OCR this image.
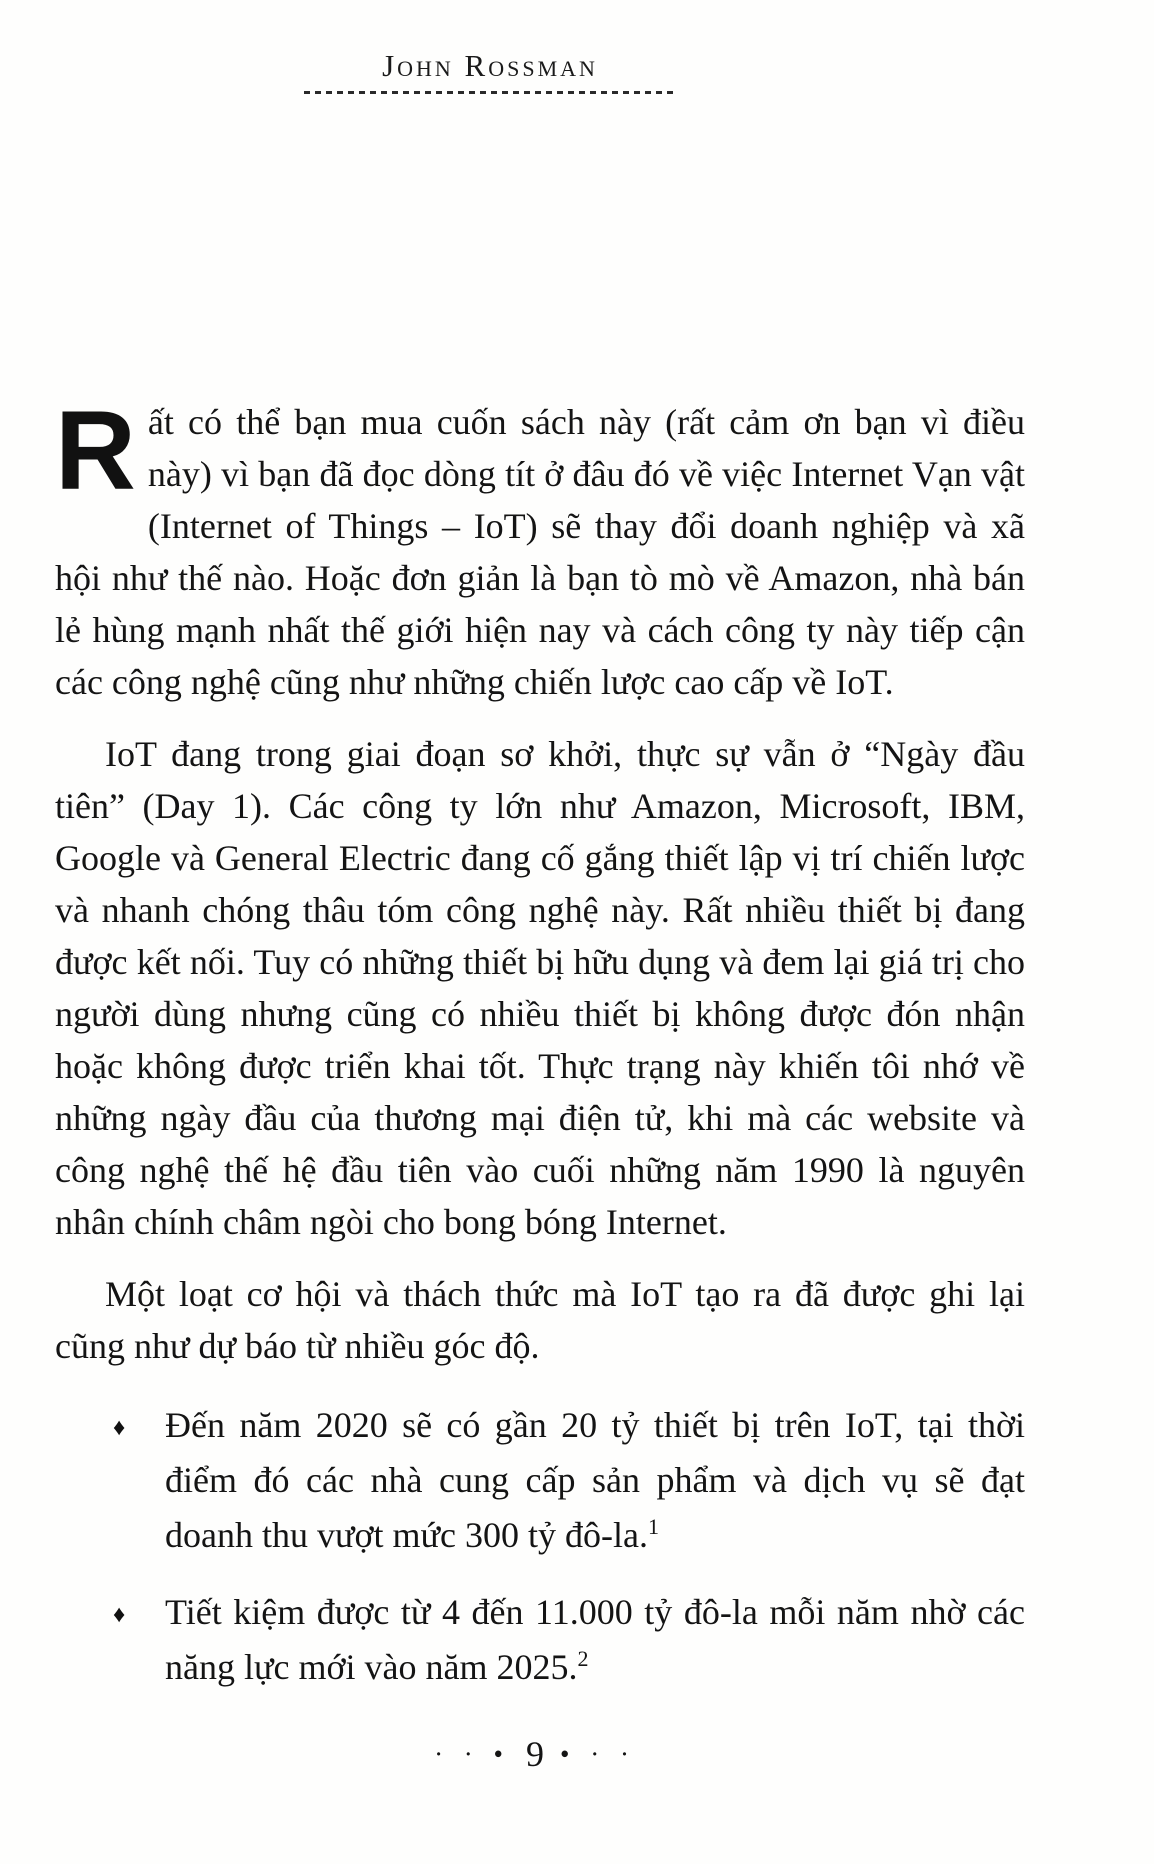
John Rossman

Rất có thể bạn mua cuốn sách này (rất cảm ơn bạn vì điều này) vì bạn đã đọc dòng tít ở đâu đó về việc Internet Vạn vật (Internet of Things – IoT) sẽ thay đổi doanh nghiệp và xã hội như thế nào. Hoặc đơn giản là bạn tò mò về Amazon, nhà bán lẻ hùng mạnh nhất thế giới hiện nay và cách công ty này tiếp cận các công nghệ cũng như những chiến lược cao cấp về IoT.

IoT đang trong giai đoạn sơ khởi, thực sự vẫn ở “Ngày đầu tiên” (Day 1). Các công ty lớn như Amazon, Microsoft, IBM, Google và General Electric đang cố gắng thiết lập vị trí chiến lược và nhanh chóng thâu tóm công nghệ này. Rất nhiều thiết bị đang được kết nối. Tuy có những thiết bị hữu dụng và đem lại giá trị cho người dùng nhưng cũng có nhiều thiết bị không được đón nhận hoặc không được triển khai tốt. Thực trạng này khiến tôi nhớ về những ngày đầu của thương mại điện tử, khi mà các website và công nghệ thế hệ đầu tiên vào cuối những năm 1990 là nguyên nhân chính châm ngòi cho bong bóng Internet.

Một loạt cơ hội và thách thức mà IoT tạo ra đã được ghi lại cũng như dự báo từ nhiều góc độ.

♦ Đến năm 2020 sẽ có gần 20 tỷ thiết bị trên IoT, tại thời điểm đó các nhà cung cấp sản phẩm và dịch vụ sẽ đạt doanh thu vượt mức 300 tỷ đô-la.$^1$
♦ Tiết kiệm được từ 4 đến 11.000 tỷ đô-la mỗi năm nhờ các năng lực mới vào năm 2025.$^2$
· · • 9 • · ·
